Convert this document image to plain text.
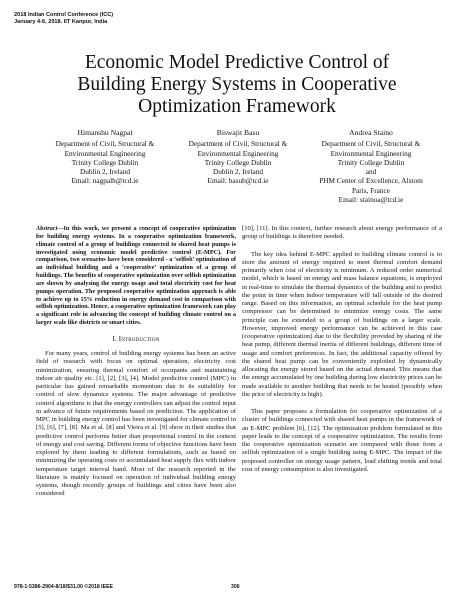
2018 Indian Control Conference (ICC)
January 4-6, 2018. IIT Kanpur, India
Economic Model Predictive Control of
Building Energy Systems in Cooperative
Optimization Framework
Himanshu Nagpal
Department of Civil, Structural &
Environmental Engineering
Trinity College Dublin
Dublin 2, Ireland
Email: nagpalh@tcd.ie
Biswajit Basu
Department of Civil, Structural &
Environmental Engineering
Trinity College Dublin
Dublin 2, Ireland
Email: basub@tcd.ie
Andrea Staino
Department of Civil, Structural &
Environmental Engineering
Trinity College Dublin
and
PHM Center of Excellence, Alstom
Paris, France
Email: stainoa@tcd.ie
Abstract—In this work, we present a concept of cooperative optimization for building energy systems. In a cooperative optimization framework, climate control of a group of buildings connected to shared heat pumps is investigated using economic model predictive control (E-MPC). For comparison, two scenarios have been considered - a ‘selfish’ optimization of an individual building and a ‘cooperative’ optimization of a group of buildings. The benefits of cooperative optimization over selfish optimization are shown by analysing the energy usage and total electricity cost for heat pumps operation. The proposed cooperative optimization approach is able to achieve up to 15% reduction in energy demand cost in comparison with selfish optimization. Hence, a cooperative optimization framework can play a significant role in advancing the concept of building climate control on a larger scale like districts or smart cities.
I. Introduction

For many years, control of building energy systems has been an active field of research with focus on optimal operation, electricity cost minimization, ensuring thermal comfort of occupants and maintaining indoor air quality etc. [1], [2], [3], [4]. Model predictive control (MPC) in particular has gained remarkable momentum due to its suitability for control of slow dynamics systems. The major advantage of predictive control algorithms is that the energy controllers can adjust the control input in advance of future requirements based on prediction. The application of MPC in building energy control has been investigated for climate control in [5], [6], [7], [8]. Ma et al. [8] and Vieira et al. [9] show in their studies that predictive control performs better than proportional control in the context of energy and cost saving. Different forms of objective functions have been explored by them leading to different formulations, such as based on minimizing the operating costs or accumulated heat supply flux with indoor temperature target interval band. Most of the research reported in the literature is mainly focused on operation of individual building energy systems, though recently groups of buildings and cities have been also considered

[10], [11]. In this context, further research about energy performance of a group of buildings is therefore needed.

The key idea behind E-MPC applied to building climate control is to store the amount of energy required to meet thermal comfort demand primarily when cost of electricity is minimum. A reduced order numerical model, which is based on energy and mass balance equations, is employed in real-time to simulate the thermal dynamics of the building and to predict the point in time when indoor temperature will fall outside of the desired range. Based on this information, an optimal schedule for the heat pump compressor can be determined to minimize energy costs. The same principle can be extended to a group of buildings on a larger scale. However, improved energy performance can be achieved in this case (cooperative optimization) due to the flexibility provided by sharing of the heat pump, different thermal inertia of different buildings, different time of usage and comfort preferences. In fact, the additional capacity offered by the shared heat pump can be conveniently exploited by dynamically allocating the energy stored based on the actual demand. This means that the energy accumulated by one building during low electricity prices can be made available to another building that needs to be heated (possibly when the price of electricity is high).

This paper proposes a formulation for cooperative optimization of a cluster of buildings connected with shared heat pumps in the framework of an E-MPC problem [6], [12]. The optimization problem formulated in this paper leads to the concept of a cooperative optimization. The results from the cooperative optimization scenario are compared with those from a selfish optimization of a single building using E-MPC. The impact of the proposed controller on energy usage pattern, load shifting trends and total cost of energy consumption is also investigated.

978-1-5386-2904-8/18/$31.00 ©2018 IEEE	306
